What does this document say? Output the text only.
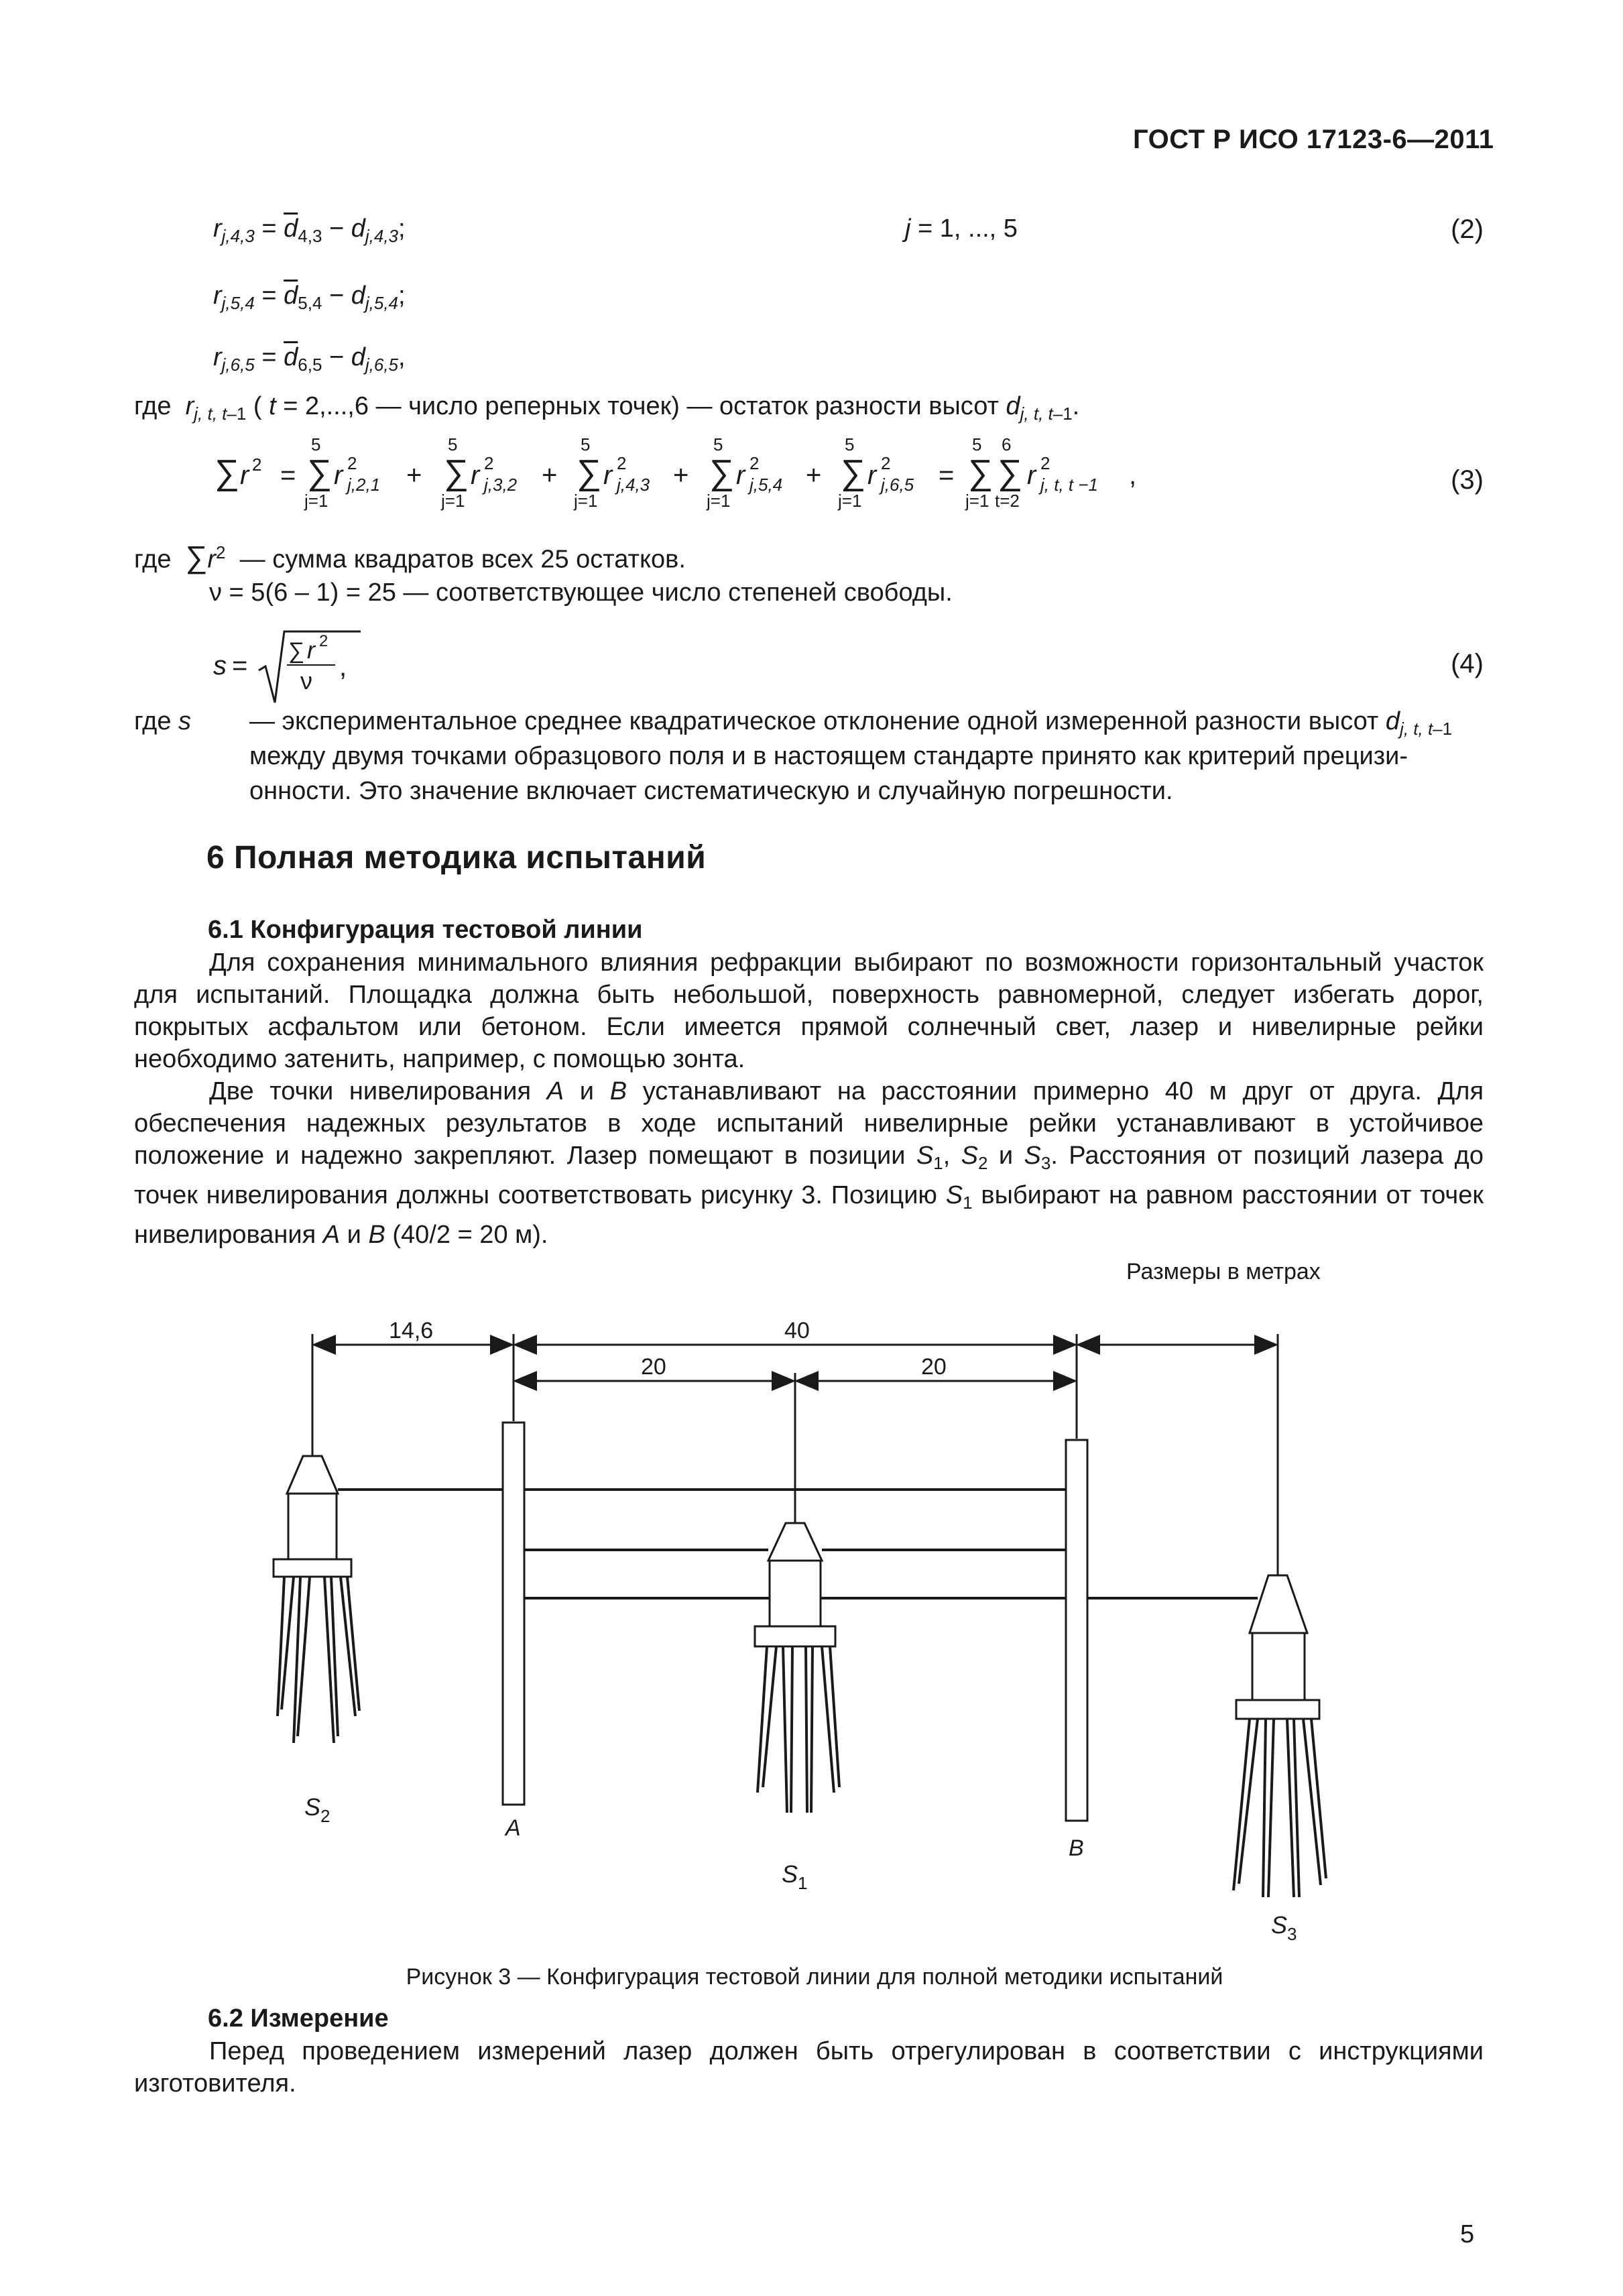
ГОСТ Р ИСО 17123-6—2011
$r_{j,4,3} = \overline{d}_{4,3} - d_{j,4,3}$;	j = 1, ..., 5	(2)
$r_{j,5,4} = \overline{d}_{5,4} - d_{j,5,4}$;
$r_{j,6,5} = \overline{d}_{6,5} - d_{j,6,5}$,
где $r_{j, t, t-1}$ ( t = 2,...,6 — число реперных точек) — остаток разности высот $d_{j, t, t-1}$.
∑ r 2 =
5
∑
j=1
r 2
j,2,1 +
5
∑
j=1
r 2
j,3,2 +
5
∑
j=1
r 2
j,4,3 +
5
∑
j=1
r 2
j,5,4 +
5
∑
j=1
r 2
j,6,5 =
5
∑
j=1
6
∑
t=2
r 2
j, t, t −1 ,	(3)
где $\sum r^2$ — сумма квадратов всех 25 остатков.
ν = 5(6 – 1) = 25 — соответствующее число степеней свободы.
s = ∑ r 2
ν ,	(4)
где s — экспериментальное среднее квадратическое отклонение одной измеренной разности высот $d_{j, t, t-1}$
между двумя точками образцового поля и в настоящем стандарте принято как критерий прецизи-
онности. Это значение включает систематическую и случайную погрешности.
6 Полная методика испытаний
6.1 Конфигурация тестовой линии

Для сохранения минимального влияния рефракции выбирают по возможности горизонтальный участок для испытаний. Площадка должна быть небольшой, поверхность равномерной, следует избегать дорог, покрытых асфальтом или бетоном. Если имеется прямой солнечный свет, лазер и нивелирные рейки необходимо затенить, например, с помощью зонта.

Две точки нивелирования A и B устанавливают на расстоянии примерно 40 м друг от друга. Для обеспечения надежных результатов в ходе испытаний нивелирные рейки устанавливают в устойчивое положение и надежно закрепляют. Лазер помещают в позиции $S_1$, $S_2$ и $S_3$. Расстояния от позиций лазера до точек нивелирования должны соответствовать рисунку 3. Позицию $S_1$ выбирают на равном расстоянии от точек нивелирования A и B (40/2 = 20 м).

Размеры в метрах
14,6	40
20	20
A
B
$S_2$
$S_1$
$S_3$
Рисунок 3 — Конфигурация тестовой линии для полной методики испытаний
6.2 Измерение

Перед проведением измерений лазер должен быть отрегулирован в соответствии с инструкциями изготовителя.

5
